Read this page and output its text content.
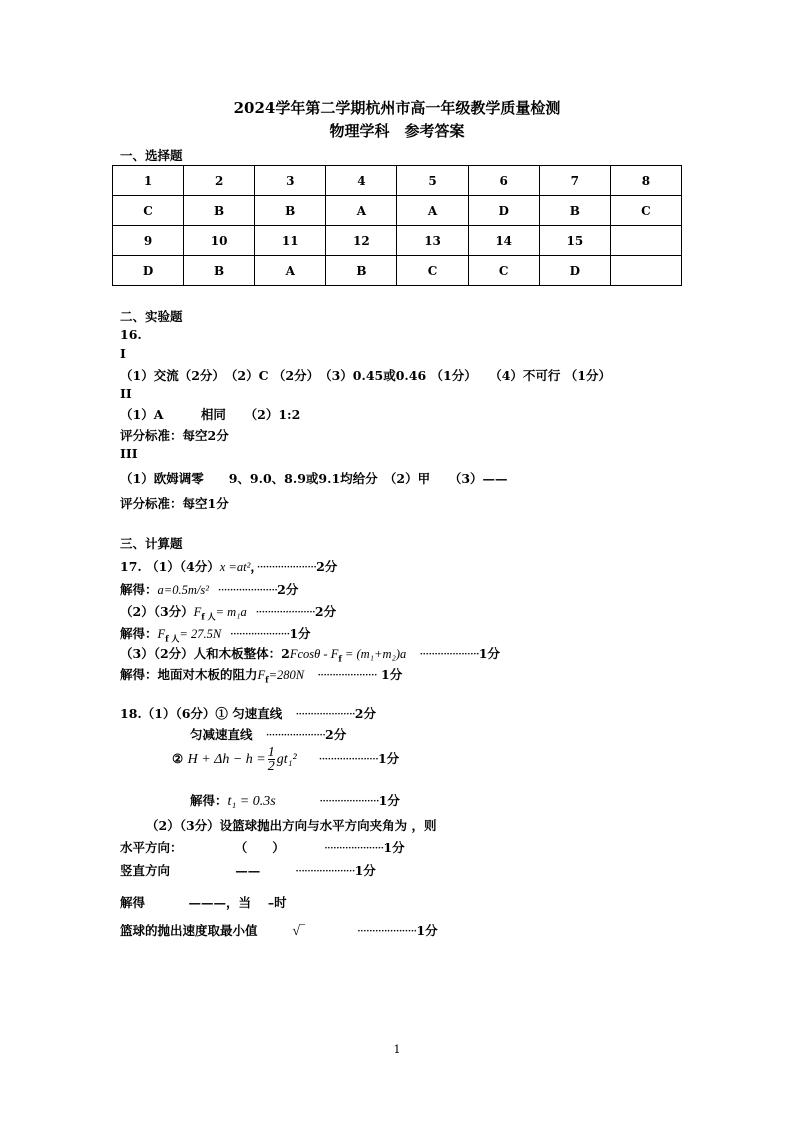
2024学年第二学期杭州市高一年级教学质量检测
物理学科　参考答案
一、选择题
1	2	3	4	5	6	7	8
C	B	B	A	A	D	B	C
9	10	11	12	13	14	15	
D	B	A	B	C	C	D	
二、实验题
16.
I
（1）交流（2分）　（2）C （2分）　（3）0.45或0.46 （1分）　　（4）不可行 （1分）
II
（1）A　　　相同　　（2）1:2
评分标准：每空2分
III
（1）欧姆调零　　9、9.0、8.9或9.1均给分　（2）甲　　（3）——
评分标准：每空1分
三、计算题
17. （1）（4分）x =at²，····················2分
解得：a=0.5m/s² ····················2分
（2）（3分）$F_{f 人}= m_1a \cdot\cdot\cdot\cdot\cdot\cdot\cdot\cdot\cdot\cdot\cdot\cdot\cdot\cdot\cdot\cdot\cdot\cdot\cdot\cdot 2$分
解得：$F_{f 人}= 27.5N \cdot\cdot\cdot\cdot\cdot\cdot\cdot\cdot\cdot\cdot\cdot\cdot\cdot\cdot\cdot\cdot\cdot\cdot\cdot\cdot 1$分
（3）（2分）人和木板整体：$2Fcos\theta - F_f = (m_1+m_2)a \cdot\cdot\cdot\cdot\cdot\cdot\cdot\cdot\cdot\cdot\cdot\cdot\cdot\cdot\cdot\cdot\cdot\cdot\cdot\cdot 1$分
解得：地面对木板的阻力$F_f=280N$ ···················· 1分
18.（1）（6分）① 匀速直线 ····················2分
匀减速直线 ····················2分
② $H + \Delta h - h = \frac{1}{2} gt_1^2 \cdot\cdot\cdot\cdot\cdot\cdot\cdot\cdot\cdot\cdot\cdot\cdot\cdot\cdot\cdot\cdot\cdot\cdot\cdot\cdot 1$分
解得：t₁ = 0.3s	····················1分
（2）（3分）设篮球抛出方向与水平方向夹角为 ，则
水平方向：	（　　）	····················1分
竖直方向	——	····················1分
解得	———，当　 –时
篮球的抛出速度取最小值 √‾	····················1分
1
